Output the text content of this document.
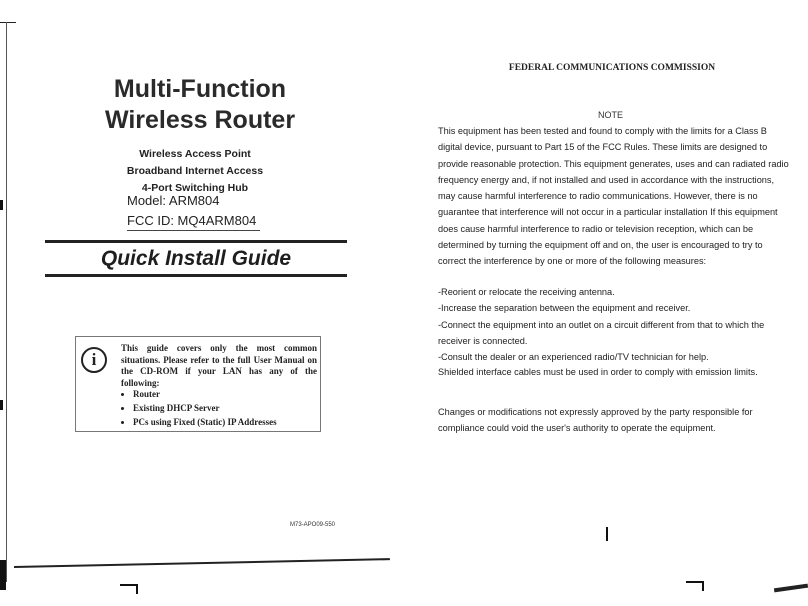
Multi-Function
Wireless Router
Wireless Access Point
Broadband Internet Access
4-Port Switching Hub
Model: ARM804
FCC ID: MQ4ARM804
Quick Install Guide
i
This guide covers only the most common situations. Please refer to the full User Manual on the CD-ROM if your LAN has any of the following:
• Router
• Existing DHCP Server
• PCs using Fixed (Static) IP Addresses
M73-APO09-550
FEDERAL COMMUNICATIONS COMMISSION
NOTE
This equipment has been tested and found to comply with the limits for a Class B digital device, pursuant to Part 15 of the FCC Rules. These limits are designed to provide reasonable protection. This equipment generates, uses and can radiated radio frequency energy and, if not installed and used in accordance with the instructions, may cause harmful interference to radio communications. However, there is no guarantee that interference will not occur in a particular installation If this equipment does cause harmful interference to radio or television reception, which can be determined by turning the equipment off and on, the user is encouraged to try to correct the interference by one or more of the following measures:
-Reorient or relocate the receiving antenna.
-Increase the separation between the equipment and receiver.
-Connect the equipment into an outlet on a circuit different from that to which the receiver is connected.
-Consult the dealer or an experienced radio/TV technician for help.
Shielded interface cables must be used in order to comply with emission limits.
Changes or modifications not expressly approved by the party responsible for compliance could void the user's authority to operate the equipment.
